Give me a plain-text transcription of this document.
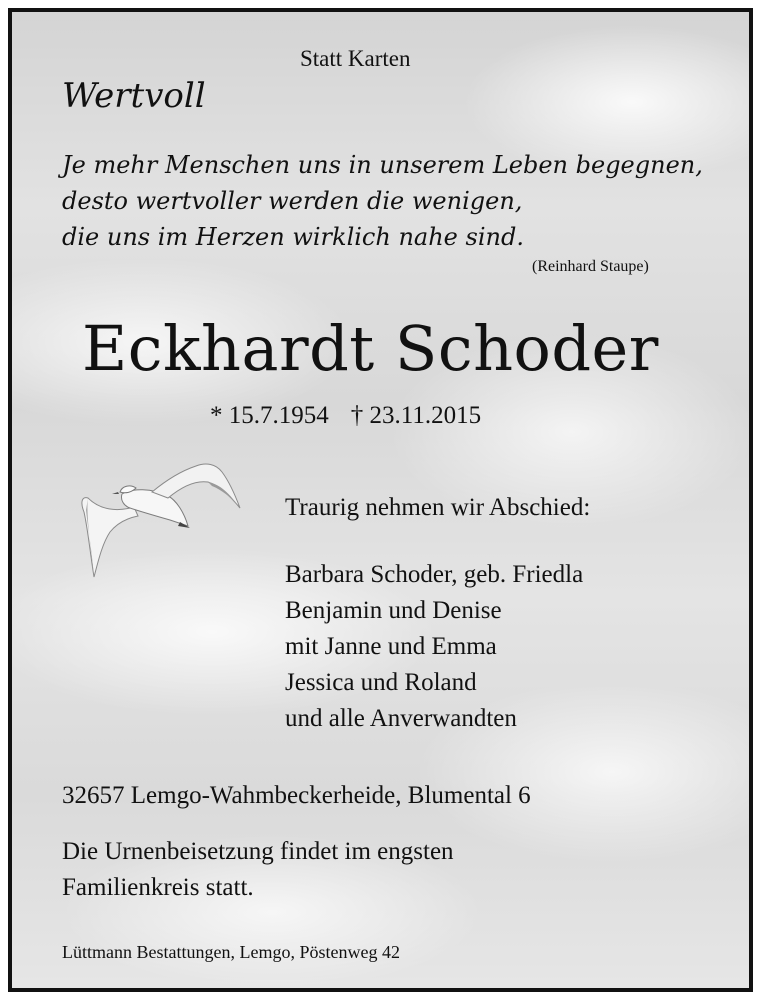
Statt Karten

Wertvoll

Je mehr Menschen uns in unserem Leben begegnen,
desto wertvoller werden die wenigen,
die uns im Herzen wirklich nahe sind.

(Reinhard Staupe)

Eckhardt Schoder

* 15.7.1954 † 23.11.2015

Traurig nehmen wir Abschied:

Barbara Schoder, geb. Friedla
Benjamin und Denise
mit Janne und Emma
Jessica und Roland
und alle Anverwandten

32657 Lemgo-Wahmbeckerheide, Blumental 6

Die Urnenbeisetzung findet im engsten
Familienkreis statt.

Lüttmann Bestattungen, Lemgo, Pöstenweg 42
